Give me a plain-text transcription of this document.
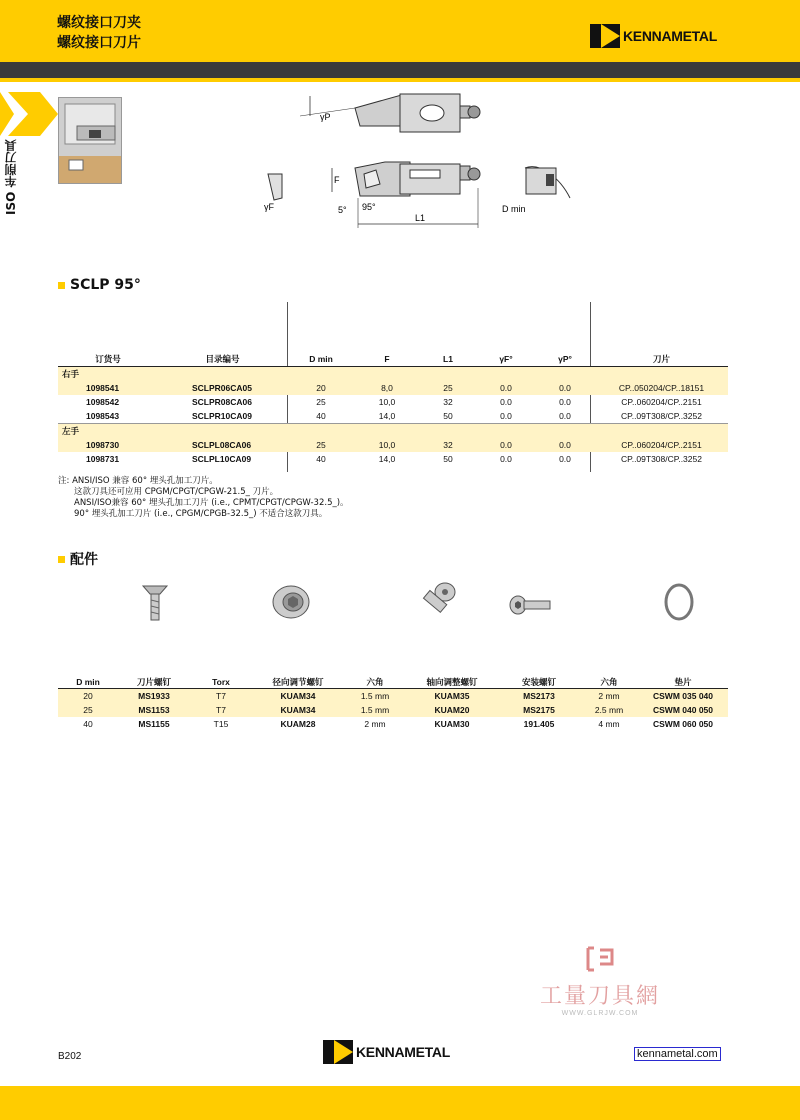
螺纹接口刀夹
螺纹接口刀片	KENNAMETAL
ISO 车削刀具
γP
F
5° 95°
L1
γF	D min
SCLP 95°
订货号	目录编号	D min	F	L1	γF°	γP°	刀片
右手							
1098541	SCLPR06CA05	20	8,0	25	0.0	0.0	CP..050204/CP..18151
1098542	SCLPR08CA06	25	10,0	32	0.0	0.0	CP..060204/CP..2151
1098543	SCLPR10CA09	40	14,0	50	0.0	0.0	CP..09T308/CP..3252
左手							
1098730	SCLPL08CA06	25	10,0	32	0.0	0.0	CP..060204/CP..2151
1098731	SCLPL10CA09	40	14,0	50	0.0	0.0	CP..09T308/CP..3252
注: ANSI/ISO 兼容 60° 埋头孔加工刀片。
这款刀具还可应用 CPGM/CPGT/CPGW-21.5_ 刀片。
ANSI/ISO兼容 60° 埋头孔加工刀片 (i.e., CPMT/CPGT/CPGW-32.5_)。
90° 埋头孔加工刀片 (i.e., CPGM/CPGB-32.5_) 不适合这款刀具。
配件
D min	刀片螺钉	Torx	径向调节螺钉	六角	轴向调整螺钉	安装螺钉	六角	垫片
20	MS1933	T7	KUAM34	1.5 mm	KUAM35	MS2173	2 mm	CSWM 035 040
25	MS1153	T7	KUAM34	1.5 mm	KUAM20	MS2175	2.5 mm	CSWM 040 050
40	MS1155	T15	KUAM28	2 mm	KUAM30	191.405	4 mm	CSWM 060 050
工量刀具網
WWW.GLRJW.COM
B202	KENNAMETAL	kennametal.com
